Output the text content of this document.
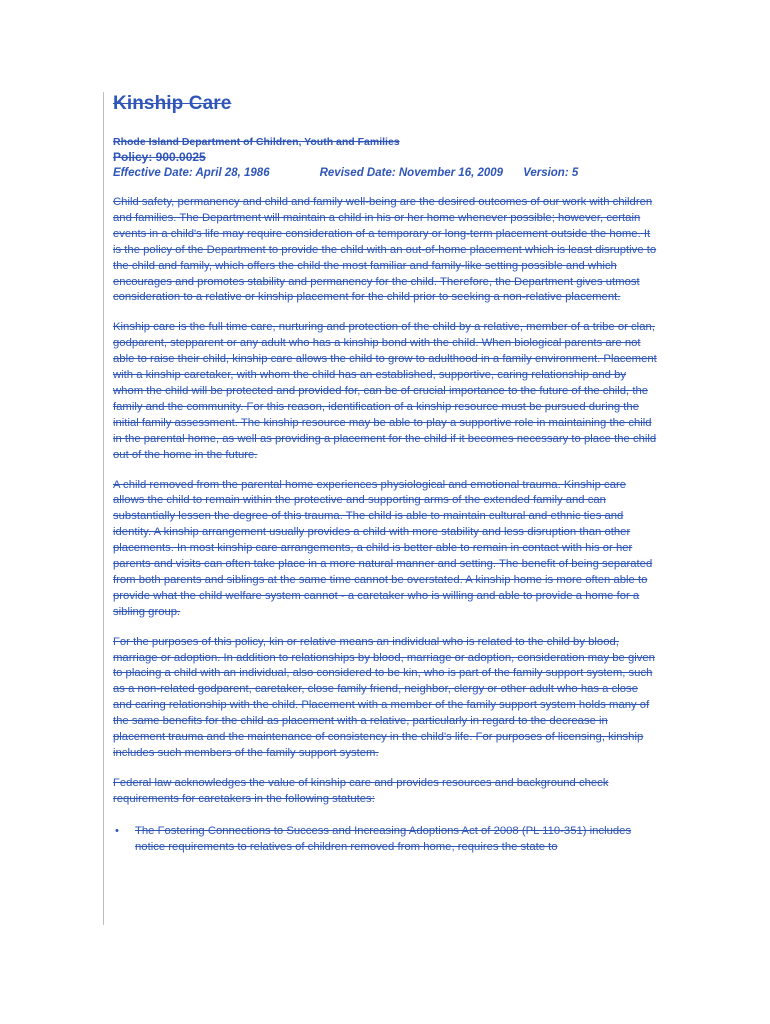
Kinship Care
Rhode Island Department of Children, Youth and Families
Policy: 900.0025
Effective Date: April 28, 1986	Revised Date: November 16, 2009 Version: 5

Child safety, permanency and child and family well-being are the desired outcomes of our work with children and families. The Department will maintain a child in his or her home whenever possible; however, certain events in a child's life may require consideration of a temporary or long-term placement outside the home. It is the policy of the Department to provide the child with an out-of-home placement which is least disruptive to the child and family, which offers the child the most familiar and family-like setting possible and which encourages and promotes stability and permanency for the child. Therefore, the Department gives utmost consideration to a relative or kinship placement for the child prior to seeking a non-relative placement.

Kinship care is the full time care, nurturing and protection of the child by a relative, member of a tribe or clan, godparent, stepparent or any adult who has a kinship bond with the child. When biological parents are not able to raise their child, kinship care allows the child to grow to adulthood in a family environment. Placement with a kinship caretaker, with whom the child has an established, supportive, caring relationship and by whom the child will be protected and provided for, can be of crucial importance to the future of the child, the family and the community. For this reason, identification of a kinship resource must be pursued during the initial family assessment. The kinship resource may be able to play a supportive role in maintaining the child in the parental home, as well as providing a placement for the child if it becomes necessary to place the child out of the home in the future.

A child removed from the parental home experiences physiological and emotional trauma. Kinship care allows the child to remain within the protective and supporting arms of the extended family and can substantially lessen the degree of this trauma. The child is able to maintain cultural and ethnic ties and identity. A kinship arrangement usually provides a child with more stability and less disruption than other placements. In most kinship care arrangements, a child is better able to remain in contact with his or her parents and visits can often take place in a more natural manner and setting. The benefit of being separated from both parents and siblings at the same time cannot be overstated. A kinship home is more often able to provide what the child welfare system cannot - a caretaker who is willing and able to provide a home for a sibling group.

For the purposes of this policy, kin or relative means an individual who is related to the child by blood, marriage or adoption. In addition to relationships by blood, marriage or adoption, consideration may be given to placing a child with an individual, also considered to be kin, who is part of the family support system, such as a non-related godparent, caretaker, close family friend, neighbor, clergy or other adult who has a close and caring relationship with the child. Placement with a member of the family support system holds many of the same benefits for the child as placement with a relative, particularly in regard to the decrease in placement trauma and the maintenance of consistency in the child's life. For purposes of licensing, kinship includes such members of the family support system.

Federal law acknowledges the value of kinship care and provides resources and background check requirements for caretakers in the following statutes:

• The Fostering Connections to Success and Increasing Adoptions Act of 2008 (PL 110-351) includes notice requirements to relatives of children removed from home, requires the state to
